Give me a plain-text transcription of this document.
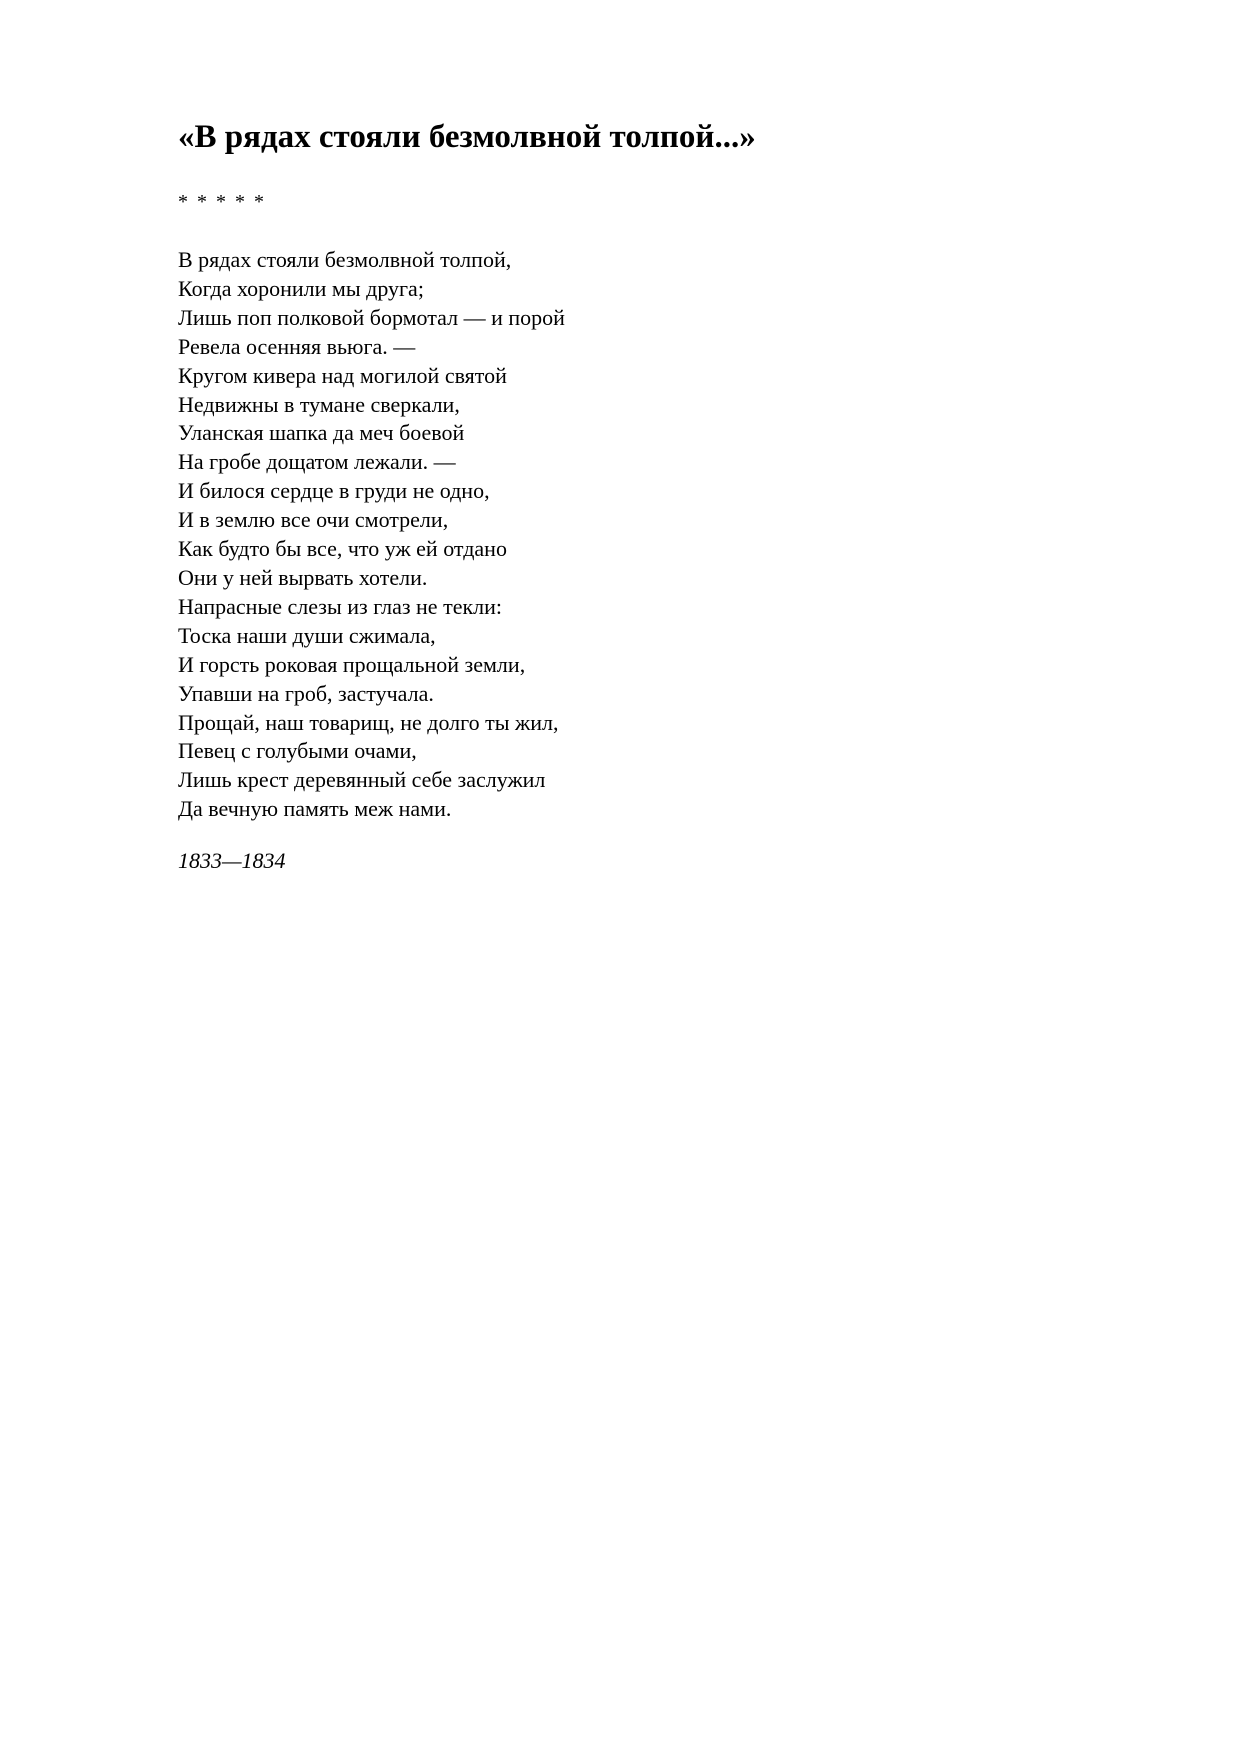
«В рядах стояли безмолвной толпой...»
* * * * *
В рядах стояли безмолвной толпой,
Когда хоронили мы друга;
Лишь поп полковой бормотал — и порой
Ревела осенняя вьюга. —
Кругом кивера над могилой святой
Недвижны в тумане сверкали,
Уланская шапка да меч боевой
На гробе дощатом лежали. —
И билося сердце в груди не одно,
И в землю все очи смотрели,
Как будто бы все, что уж ей отдано
Они у ней вырвать хотели.
Напрасные слезы из глаз не текли:
Тоска наши души сжимала,
И горсть роковая прощальной земли,
Упавши на гроб, застучала.
Прощай, наш товарищ, не долго ты жил,
Певец с голубыми очами,
Лишь крест деревянный себе заслужил
Да вечную память меж нами.
1833—1834
